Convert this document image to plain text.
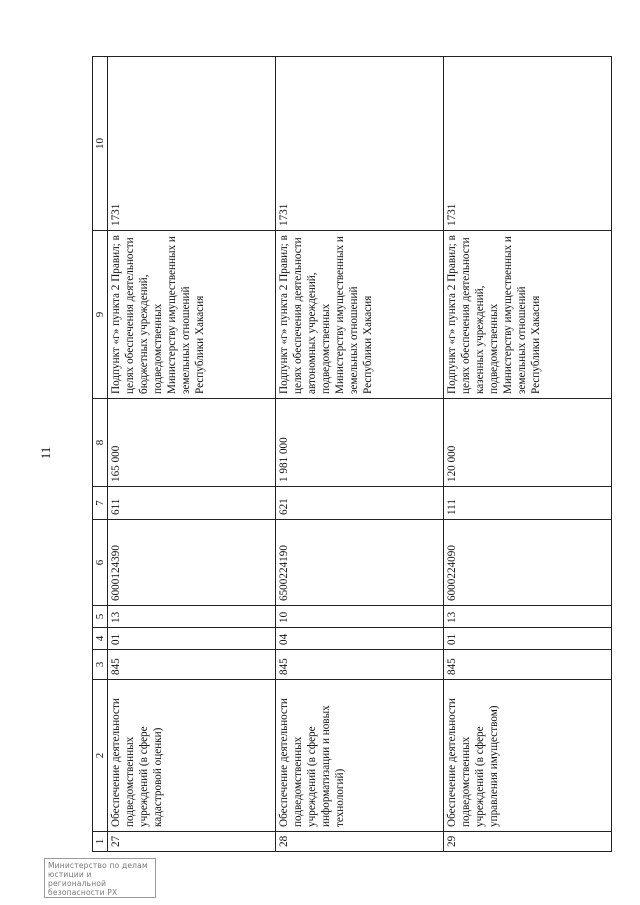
11
1	2	3	4	5	6	7	8	9	10
27	Обеспечение деятельности подведомственных учреждений (в сфере кадастровой оценки)	845	01	13	6000124390	611	165 000	Подпункт «г» пункта 2 Правил; в целях обеспечения деятельности бюджетных учреждений, подведомственных Министерству имущественных и земельных отношений Республики Хакасия	1731
28	Обеспечение деятельности подведомственных учреждений (в сфере информатизации и новых технологий)	845	04	10	6500224190	621	1 981 000	Подпункт «г» пункта 2 Правил; в целях обеспечения деятельности автономных учреждений, подведомственных Министерству имущественных и земельных отношений Республики Хакасия	1731
29	Обеспечение деятельности подведомственных учреждений (в сфере управления имуществом)	845	01	13	6000224090	111	120 000	Подпункт «г» пункта 2 Правил; в целях обеспечения деятельности казенных учреждений, подведомственных Министерству имущественных и земельных отношений Республики Хакасия	1731
Министерство по делам юстиции и региональной безопасности РХ
